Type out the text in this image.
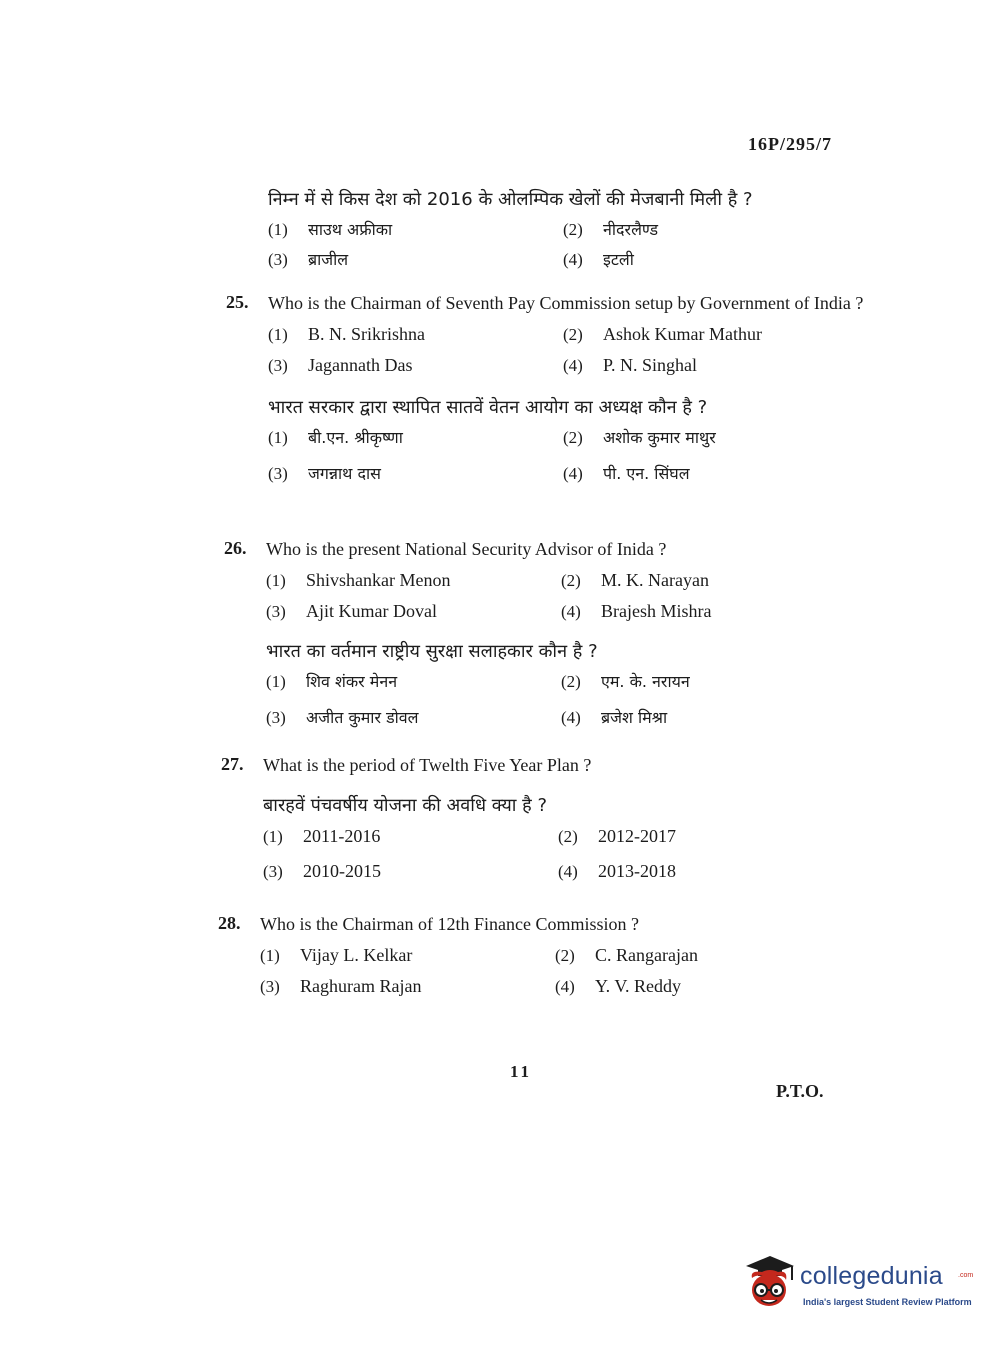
16P/295/7
निम्न में से किस देश को 2016 के ओलम्पिक खेलों की मेजबानी मिली है ?
(1)	साउथ अफ्रीका	(2)	नीदरलैण्ड
(3)	ब्राजील	(4)	इटली
25. Who is the Chairman of Seventh Pay Commission setup by Government of India ?
(1)	B. N. Srikrishna	(2)	Ashok Kumar Mathur
(3)	Jagannath Das	(4)	P. N. Singhal
भारत सरकार द्वारा स्थापित सातवें वेतन आयोग का अध्यक्ष कौन है ?
(1)	बी.एन. श्रीकृष्णा	(2)	अशोक कुमार माथुर
(3)	जगन्नाथ दास	(4)	पी. एन. सिंघल
26. Who is the present National Security Advisor of Inida ?
(1)	Shivshankar Menon	(2)	M. K. Narayan
(3)	Ajit Kumar Doval	(4)	Brajesh Mishra
भारत का वर्तमान राष्ट्रीय सुरक्षा सलाहकार कौन है ?
(1)	शिव शंकर मेनन	(2)	एम. के. नरायन
(3)	अजीत कुमार डोवल	(4)	ब्रजेश मिश्रा
27. What is the period of Twelth Five Year Plan ?
बारहवें पंचवर्षीय योजना की अवधि क्या है ?
(1)	2011-2016	(2)	2012-2017
(3)	2010-2015	(4)	2013-2018
28. Who is the Chairman of 12th Finance Commission ?
(1)	Vijay L. Kelkar	(2)	C. Rangarajan
(3)	Raghuram Rajan	(4)	Y. V. Reddy
11
P.T.O.
collegedunia .com
India's largest Student Review Platform
